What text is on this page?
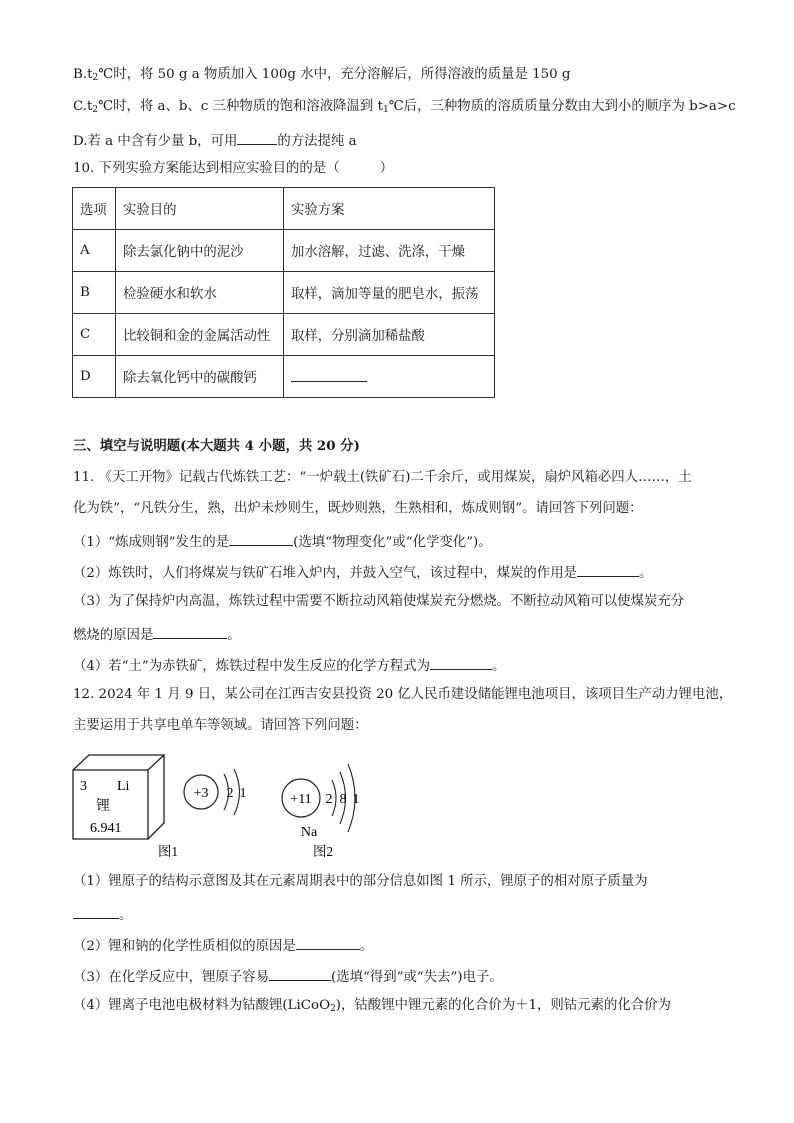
$B.t_2℃$时，将 50 g a 物质加入 100g 水中，充分溶解后，所得溶液的质量是 150 g
$C.t_2℃$时，将 a、b、c 三种物质的饱和溶液降温到 $t_1℃$后，三种物质的溶质质量分数由大到小的顺序为 b>a>c
D.若 a 中含有少量 b，可用	的方法提纯 a
10. 下列实验方案能达到相应实验目的的是（　　　）
选项	实验目的	实验方案
A	除去氯化钠中的泥沙	加水溶解，过滤、洗涤，干燥
B	检验硬水和软水	取样，滴加等量的肥皂水，振荡
C	比较铜和金的金属活动性	取样，分别滴加稀盐酸
D	除去氧化钙中的碳酸钙	
三、填空与说明题(本大题共 4 小题，共 20 分)
11. 《天工开物》记载古代炼铁工艺：“一炉载土(铁矿石)二千余斤，或用煤炭，扇炉风箱必四人……，土
化为铁”，“凡铁分生，熟，出炉未炒则生，既炒则熟，生熟相和，炼成则钢”。请回答下列问题：
（1）“炼成则钢”发生的是	(选填“物理变化”或“化学变化”)。
（2）炼铁时，人们将煤炭与铁矿石堆入炉内，并鼓入空气，该过程中，煤炭的作用是	。
（3）为了保持炉内高温，炼铁过程中需要不断拉动风箱使煤炭充分燃烧。不断拉动风箱可以使煤炭充分
燃烧的原因是	。
（4）若“土”为赤铁矿，炼铁过程中发生反应的化学方程式为	。
12. 2024 年 1 月 9 日，某公司在江西吉安县投资 20 亿人民币建设储能锂电池项目，该项目生产动力锂电池，
主要运用于共享电单车等领域。请回答下列问题：
3 Li
锂
6.941
+3 2 1
图1
+11 2 8 1
Na
图2
（1）锂原子的结构示意图及其在元素周期表中的部分信息如图 1 所示，锂原子的相对原子质量为
。
（2）锂和钠的化学性质相似的原因是	。
（3）在化学反应中，锂原子容易	(选填“得到”或“失去”)电子。
（4）锂离子电池电极材料为钴酸锂(LiCoO$_2$)，钴酸锂中锂元素的化合价为＋1，则钴元素的化合价为
